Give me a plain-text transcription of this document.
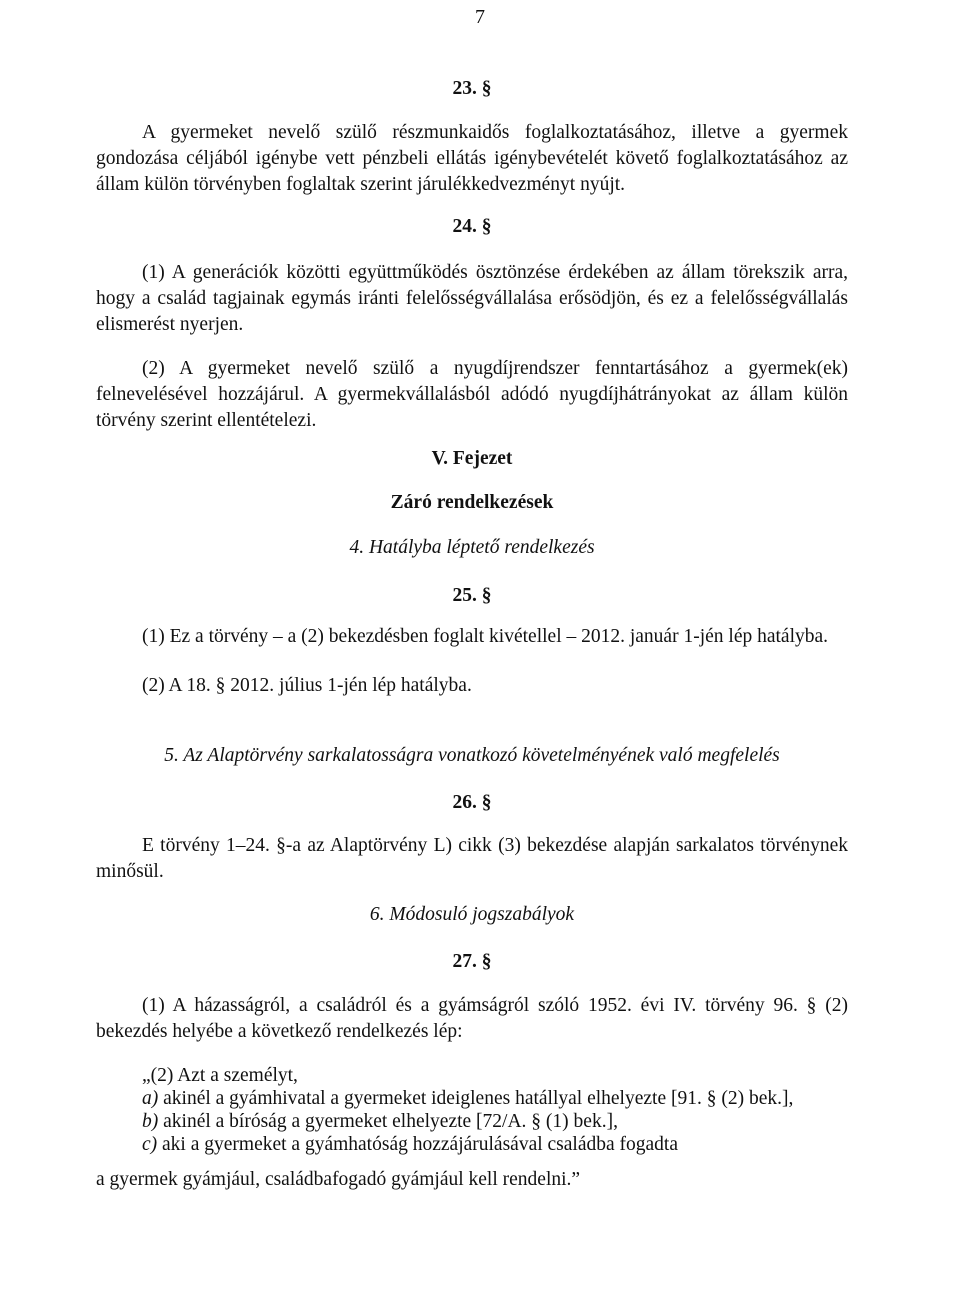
7

23. §

A gyermeket nevelő szülő részmunkaidős foglalkoztatásához, illetve a gyermek gondozása céljából igénybe vett pénzbeli ellátás igénybevételét követő foglalkoztatásához az állam külön törvényben foglaltak szerint járulékkedvezményt nyújt.

24. §

(1) A generációk közötti együttműködés ösztönzése érdekében az állam törekszik arra, hogy a család tagjainak egymás iránti felelősségvállalása erősödjön, és ez a felelősségvállalás elismerést nyerjen.

(2) A gyermeket nevelő szülő a nyugdíjrendszer fenntartásához a gyermek(ek) felnevelésével hozzájárul. A gyermekvállalásból adódó nyugdíjhátrányokat az állam külön törvény szerint ellentételezi.

V. Fejezet

Záró rendelkezések

4. Hatályba léptető rendelkezés

25. §

(1) Ez a törvény – a (2) bekezdésben foglalt kivétellel – 2012. január 1-jén lép hatályba.

(2) A 18. § 2012. július 1-jén lép hatályba.

5. Az Alaptörvény sarkalatosságra vonatkozó követelményének való megfelelés

26. §

E törvény 1–24. §-a az Alaptörvény L) cikk (3) bekezdése alapján sarkalatos törvénynek minősül.

6. Módosuló jogszabályok

27. §

(1) A házasságról, a családról és a gyámságról szóló 1952. évi IV. törvény 96. § (2) bekezdés helyébe a következő rendelkezés lép:

„(2) Azt a személyt,
a) akinél a gyámhivatal a gyermeket ideiglenes hatállyal elhelyezte [91. § (2) bek.],
b) akinél a bíróság a gyermeket elhelyezte [72/A. § (1) bek.],
c) aki a gyermeket a gyámhatóság hozzájárulásával családba fogadta
a gyermek gyámjául, családbafogadó gyámjául kell rendelni.”
